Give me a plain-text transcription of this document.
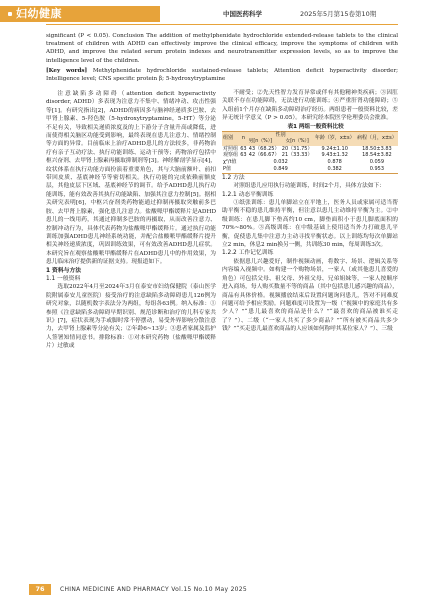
妇幼健康	中国医药科学	2025年5月第15卷第10期
significant (P < 0.05). Conclusion The addition of methylphenidate hydrochloride extended-release tablets to the clinical treatment of children with ADHD can effectively improve the clinical efficacy, improve the symptoms of children with ADHD, and improve the related serum protein indexes and neurotransmitter expression levels, so as to improve the intelligence level of the children.
[Key words] Methylphenidate hydrochloride sustained-release tablets; Attention deficit hyperactivity disorder; Intelligence level; CNS specific protein β; 5-hydroxytryptamine

注意缺陷多动障碍（attention deficit hyperactivity disorder, ADHD）多表现为注意力不集中、情绪冲动、攻击性强等[1]。有研究指出[2]，ADHD的病因多与脑神经递质多巴胺、去甲肾上腺素、5-羟色胺（5-hydroxytryptamine，5-HT）等分泌不足有关，导致相关递质浓度及的上下游分子含量升高或降低，进而使得相关脑区功能受到影响，最终表现在患儿注意力、情绪控制等方面的异常。目前临床上治疗ADHD患儿的方法较多，非药物治疗有亲子互动疗法、执行功能训练、运动干预等；药物治疗包括中枢兴奋剂、去甲肾上腺素再摄取抑制剂等[3]。神经解剖学显示[4]，纹状体系在执行功能方面扮演着重要角色，其与大脑前额叶、前扣带回皮质、基底神经节等密切相关。执行功能的完成依赖前额皮层，其他皮层下区域、基底神经节的调节。给予ADHD患儿执行功能训练，能有效改善其执行功能缺陷、加强其注意力控制[5]。据相关研究表明[6]，中枢兴奋剂类药物能通过抑制再摄取突触前多巴胺、去甲肾上腺素，强化患儿注意力。盐酸哌甲酯缓释片是ADHD患儿的一线用药，其通过抑制多巴胺的再摄取，从而改善注意力、控制冲动行为，具体代表药物为盐酸哌甲酯缓释片。通过执行功能训练加强ADHD患儿神经系统功能，并配合盐酸哌甲酯缓释片提升相关神经递质浓度，巩固训练效果，可有效改善ADHD患儿症状。本研究旨在观察盐酸哌甲酯缓释片在ADHD患儿中的作用效果，为患儿临床治疗提供新的证据支持。现报道如下。

1 资料与方法

1.1 一般资料

选取2022年4月至2024年3月在泰安市妇幼保健院（泰山医学院附属泰安儿童医院）接受治疗的注意缺陷多动障碍患儿126例为研究对象，以随机数字表法分为两组，每组各63例。纳入标准：①参照《注意缺陷多动障碍早期识别、规范诊断和治疗的儿科专家共识》[7]，症状表现为手或脚时常不停摆动，易受外界影响分散注意力，去甲肾上腺素等分泌有关；②年龄6~13岁；③患者家属及监护人签署知情同意书。排除标准：①对本研究药物（盐酸哌甲酯缓释片）过敏或

不耐受；②先天性智力发育异常或伴有其他精神类疾病；③因肛关联不存在功能障碍，无法进行功能训练；④严重肝肾功能障碍；⑤入组前1个月存在缺陷多动障碍治疗经历。两组患者一般资料比较，差异无统计学意义（P > 0.05）。本研究经本院医学伦理委员会批准。

表1 两组一般资料比较

组别	n	性别		年龄（岁，x±s）	病程（月，x±s）
		男[n（%）]	女[n（%）]		
对照组	63	43（68.25）	20（31.75）	9.24±1.10	18.50±3.83
观察组	63	42（66.67）	21（33.33）	9.43±1.32	18.54±3.82
χ²/t值		0.032		0.878	0.059
P值		0.849		0.382	0.953

1.2 方法

对照组患儿应用执行功能训练，时间2个月，具体方法如下：

1.2.1 动态平衡训练

①纸张训练：患儿单脚站立在平地上，医务人员或家属可适当帮助平衡不稳的患儿维持平衡，但注意以患儿主动维持平衡为主。②中级训练：在患儿脚下垫高约10 cm，脚垫面积小于患儿脚底面积的70%~80%。③高级训练：在中级基础上使用适当外力打破患儿平衡，促使患儿集中注意力主动寻找平衡状态。以上训练均每次单脚站立2 min，休息2 min换另一侧，共训练30 min，每周训练3次。

1.2.2 工作记忆训练

依据患儿兴趣爱好，制作视频动画，将数字、场景、逻辑关系等内容编入视频中。如构建一个购物场景，一家人（或其他患儿喜爱的角色）可包括父母、祖父母、外祖父母、兄弟姐妹等，一家人按顺序进入商场，每人购买数量不等的商品（其中包括患儿感兴趣的商品），商品有具体价格。视频播放结束后设置问题询问患儿，答对不同难度问题可给予相应奖励。问题难度可设置为一级（“视频中的家庭共有多少人？”“患儿最喜欢的商品是什么？”“最喜欢的商品被谁买走了？”）、二级（“一家人共买了多少商品？”“所有被买商品共多少钱？”“买走患儿最喜欢商品的人应该如何称呼其某位家人？”）、三级

76	CHINA MEDICINE AND PHARMACY Vol.15 No.10 May 2025
